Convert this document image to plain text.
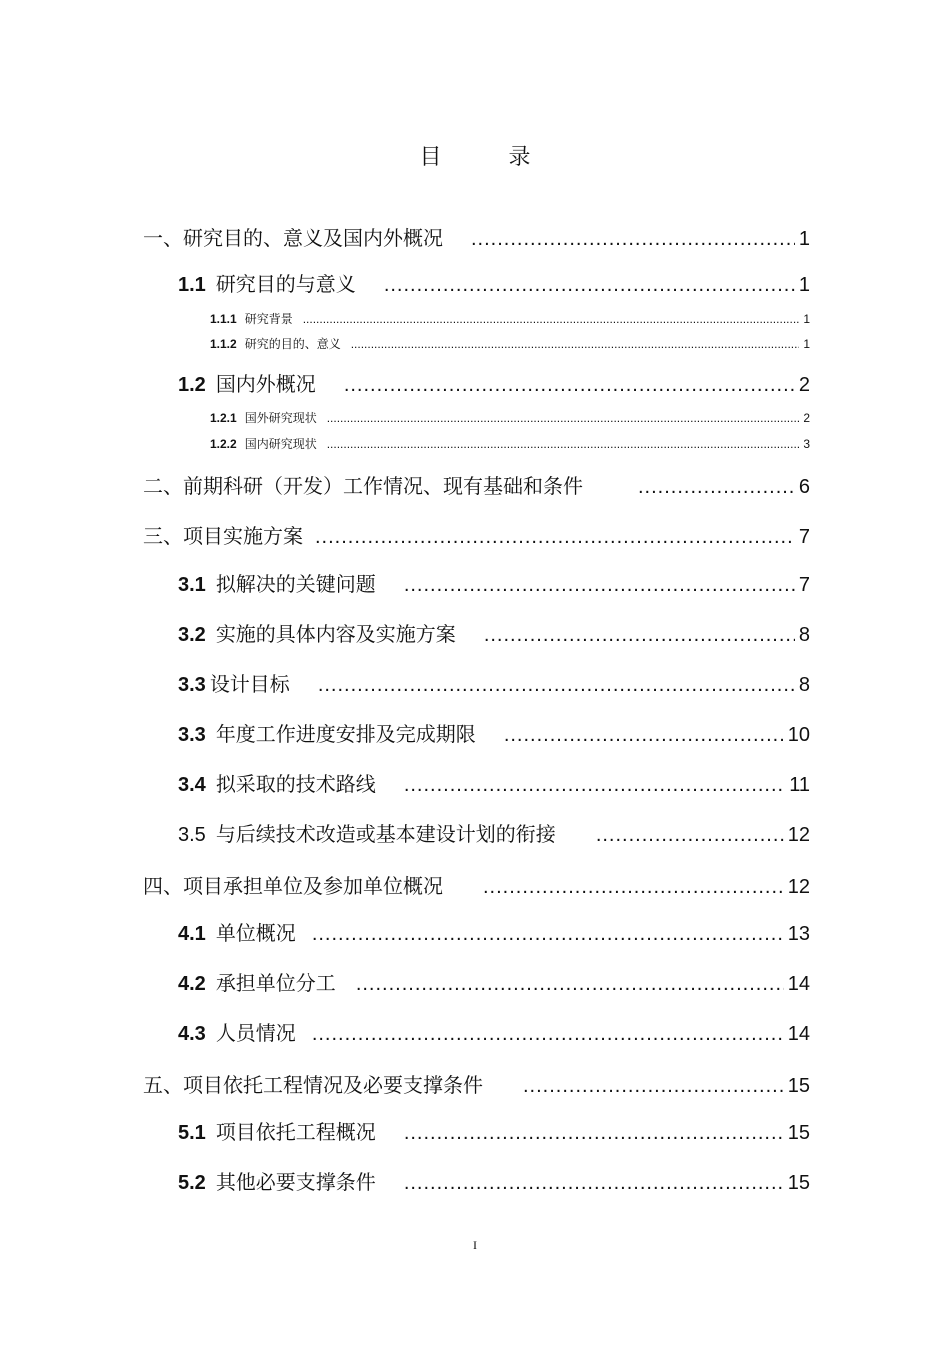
目 录
一、研究目的、意义及国内外概况 .....	1
1.1 研究目的与意义 .....	1
1.1.1 研究背景 .....	1
1.1.2 研究的目的、意义 .....	1
1.2 国内外概况 .....	2
1.2.1 国外研究现状 .....	2
1.2.2 国内研究现状 .....	3
二、前期科研（开发）工作情况、现有基础和条件 .....	6
三、项目实施方案 .....	7
3.1 拟解决的关键问题 .....	7
3.2 实施的具体内容及实施方案 .....	8
3.3 设计目标 .....	8
3.3 年度工作进度安排及完成期限 .....	10
3.4 拟采取的技术路线 .....	11
3.5 与后续技术改造或基本建设计划的衔接 .....	12
四、项目承担单位及参加单位概况 .....	12
4.1 单位概况 .....	13
4.2 承担单位分工 .....	14
4.3 人员情况 .....	14
五、项目依托工程情况及必要支撑条件 .....	15
5.1 项目依托工程概况 .....	15
5.2 其他必要支撑条件 .....	15
I
